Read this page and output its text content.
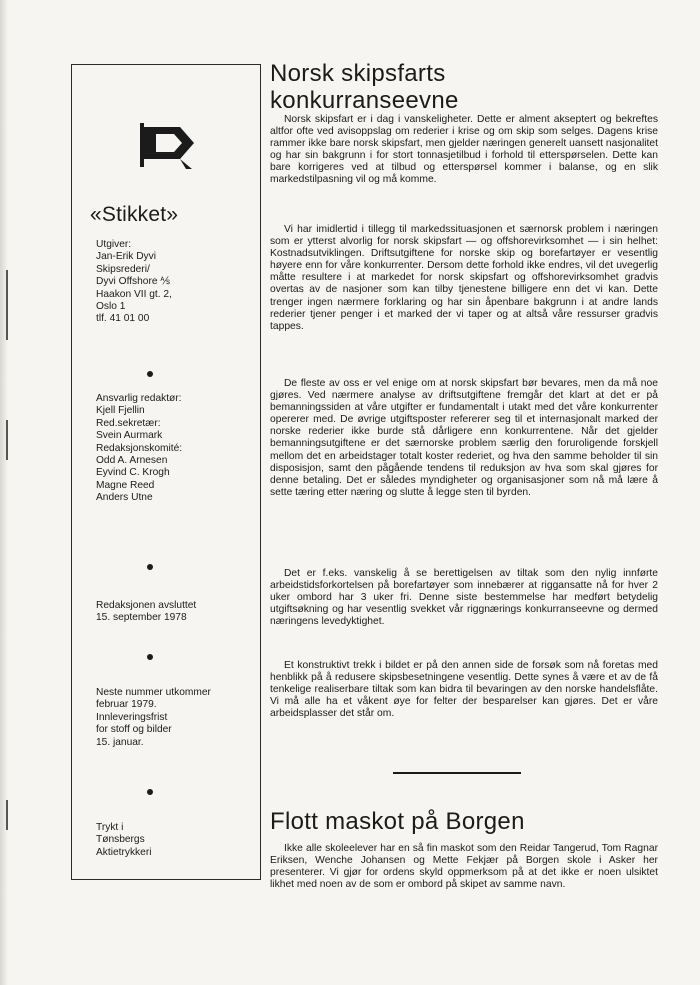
«Stikket»
Utgiver:
Jan-Erik Dyvi
Skipsrederi/
Dyvi Offshore ⅍
Haakon VII gt. 2,
Oslo 1
tlf. 41 01 00
Ansvarlig redaktør:
Kjell Fjellin
Red.sekretær:
Svein Aurmark
Redaksjonskomité:
Odd A. Arnesen
Eyvind C. Krogh
Magne Reed
Anders Utne
Redaksjonen avsluttet
15. september 1978
Neste nummer utkommer
februar 1979.
Innleveringsfrist
for stoff og bilder
15. januar.
Trykt i
Tønsbergs
Aktietrykkeri
Norsk skipsfarts
konkurranseevne

Norsk skipsfart er i dag i vanskeligheter. Dette er alment akseptert og bekreftes altfor ofte ved avisoppslag om rederier i krise og om skip som selges. Dagens krise rammer ikke bare norsk skipsfart, men gjelder næringen generelt uansett nasjonalitet og har sin bakgrunn i for stort tonnasjetilbud i forhold til etterspørselen. Dette kan bare korrigeres ved at tilbud og etterspørsel kommer i balanse, og en slik markedstilpasning vil og må komme.

Vi har imidlertid i tillegg til markedssituasjonen et særnorsk problem i næringen som er ytterst alvorlig for norsk skipsfart — og offshorevirksomhet — i sin helhet: Kostnadsutviklingen. Driftsutgiftene for norske skip og borefartøyer er vesentlig høyere enn for våre konkurrenter. Dersom dette forhold ikke endres, vil det uvegerlig måtte resultere i at markedet for norsk skipsfart og offshorevirksomhet gradvis overtas av de nasjoner som kan tilby tjenestene billigere enn det vi kan. Dette trenger ingen nærmere forklaring og har sin åpenbare bakgrunn i at andre lands rederier tjener penger i et marked der vi taper og at altså våre ressurser gradvis tappes.

De fleste av oss er vel enige om at norsk skipsfart bør bevares, men da må noe gjøres. Ved nærmere analyse av driftsutgiftene fremgår det klart at det er på bemanningssiden at våre utgifter er fundamentalt i utakt med det våre konkurrenter opererer med. De øvrige utgiftsposter refererer seg til et internasjonalt marked der norske rederier ikke burde stå dårligere enn konkurrentene. Når det gjelder bemanningsutgiftene er det særnorske problem særlig den foruroligende forskjell mellom det en arbeidstager totalt koster rederiet, og hva den samme beholder til sin disposisjon, samt den pågående tendens til reduksjon av hva som skal gjøres for denne betaling. Det er således myndigheter og organisasjoner som nå må lære å sette tæring etter næring og slutte å legge sten til byrden.

Det er f.eks. vanskelig å se berettigelsen av tiltak som den nylig innførte arbeidstidsforkortelsen på borefartøyer som innebærer at riggansatte nå for hver 2 uker ombord har 3 uker fri. Denne siste bestemmelse har medført betydelig utgiftsøkning og har vesentlig svekket vår riggnærings konkurranseevne og dermed næringens levedyktighet.

Et konstruktivt trekk i bildet er på den annen side de forsøk som nå foretas med henblikk på å redusere skipsbesetningene vesentlig. Dette synes å være et av de få tenkelige realiserbare tiltak som kan bidra til bevaringen av den norske handelsflåte. Vi må alle ha et våkent øye for felter der besparelser kan gjøres. Det er våre arbeidsplasser det står om.

Flott maskot på Borgen

Ikke alle skoleelever har en så fin maskot som den Reidar Tangerud, Tom Ragnar Eriksen, Wenche Johansen og Mette Fekjær på Borgen skole i Asker her presenterer. Vi gjør for ordens skyld oppmerksom på at det ikke er noen ulsiktet likhet med noen av de som er ombord på skipet av samme navn.
